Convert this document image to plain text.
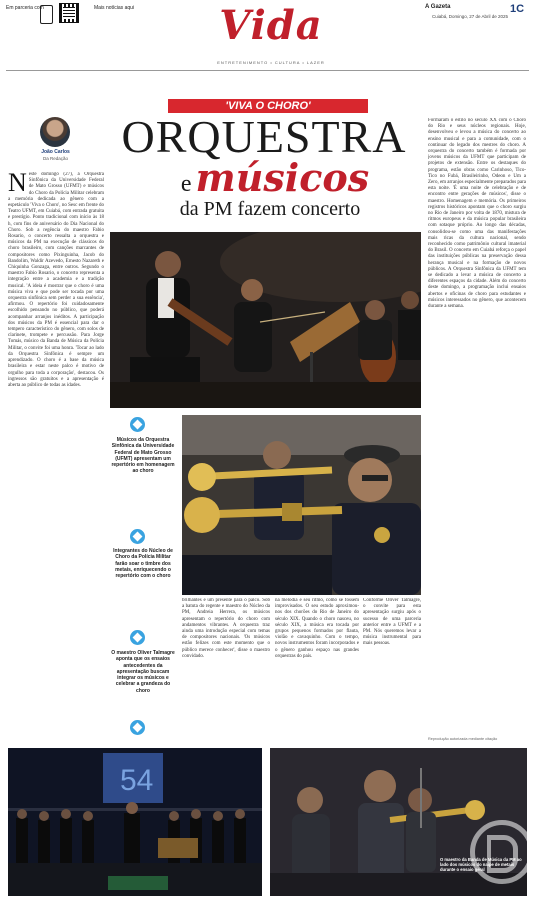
Em parceria com	Mais notícias aqui	Vida
ENTRETENIMENTO • CULTURA • LAZER
A Gazeta	1C
Cuiabá, Domingo, 27 de Abril de 2025
João Carlos
Da Redação
'VIVA O CHORO'
ORQUESTRA
e músicos
da PM fazem concerto
N este domingo (27), a Orquestra Sinfônica da Universidade Federal de Mato Grosso (UFMT) e músicos do Choro da Polícia Militar celebram a memória dedicada ao gênero com a espetáculo 'Viva o Choro', no Sesc em frente do Teatro UFMT, em Cuiabá, com entrada gratuita e prestígio. Ponto tradicional com início às 18 h, com fins de aniversário do Dia Nacional do Choro. Sob a regência do maestro Fabio Rosario, o concerto ressalta a orquestra e músicos da PM na execução de clássicos do choro brasileiro, com canções marcantes de compositores como Pixinguinha, Jacob do Bandolim, Waldir Azevedo, Ernesto Nazareth e Chiquinha Gonzaga, entre outros. Segundo o maestro Fabio Rosario, o concerto representa a integração entre a academia e a tradição musical. 'A ideia é mostrar que o choro é uma música viva e que pode ser tocada por uma orquestra sinfônica sem perder a sua essência', afirmou. O repertório foi cuidadosamente escolhido pensando no público, que poderá acompanhar arranjos inéditos. A participação dos músicos da PM é essencial para dar o tempero característico do gênero, com solos de clarinete, trompete e percussão. Para Jorge Tomás, músico da Banda de Música da Polícia Militar, o convite foi uma honra. 'Tocar ao lado da Orquestra Sinfônica é sempre um aprendizado. O choro é a base da música brasileira e estar neste palco é motivo de orgulho para toda a corporação', destacou. Os ingressos são gratuitos e a apresentação é aberta ao público de todas as idades.
Músicos da Orquestra Sinfônica da Universidade Federal de Mato Grosso (UFMT) apresentam um repertório em homenagem ao choro
Integrantes do Núcleo de Choro da Polícia Militar farão soar o timbre dos metais, enriquecendo o repertório com o choro
O maestro Oliver Talmagre aponta que os ensaios antecedentes da apresentação buscam integrar os músicos e celebrar a grandeza do choro
brilhantes e um presente para o palco. Sob a batuta do regente e maestro do Núcleo da PM, Andreia Herrera, os músicos apresentam o repertório do choro com andamentos vibrantes. A orquestra traz ainda uma introdução especial com temas de compositores nacionais. 'Os músicos estão felizes com este momento que o público merece conhecer', disse o maestro convidado.
na melodia e seu ritmo, como se fossem improvisados. O seu estudo aproximou-nos dos chorões do Rio de Janeiro do século XIX. Quando o choro nasceu, no século XIX, a música era tocada por grupos pequenos formados por flauta, violão e cavaquinho. Com o tempo, novos instrumentos foram incorporados e o gênero ganhou espaço nas grandes orquestras do país.
Conforme Oliver Talmagre, o convite para esta apresentação surgiu após o sucesso de uma parceria anterior entre a UFMT e a PM. Nós queremos levar a música instrumental para mais pessoas.
Formaram o estilo no século XX com o Choro do Rio e seus núcleos regionais. Hoje, desenvolveu e levou a música do concerto ao ensino musical e para a comunidade, com o continuar do legado dos mestres do choro. A orquestra do concerto também é formada por jovens músicos da UFMT que participam de projetos de extensão. Entre os destaques do programa, estão obras como Carinhoso, Tico-Tico no Fubá, Brasileirinho, Odeon e Um a Zero, em arranjos especialmente preparados para esta noite. 'É uma noite de celebração e de encontro entre gerações de músicos', disse o maestro. Homenagem e memória. Os primeiros registros históricos apontam que o choro surgiu no Rio de Janeiro por volta de 1870, mistura de ritmos europeus e da música popular brasileira com sotaque próprio. Ao longo das décadas, consolidou-se como uma das manifestações mais ricas da cultura nacional, sendo reconhecido como patrimônio cultural imaterial do Brasil. O concerto em Cuiabá reforça o papel das instituições públicas na preservação dessa herança musical e na formação de novos públicos. A Orquestra Sinfônica da UFMT tem se dedicado a levar a música de concerto a diferentes espaços da cidade. Além do concerto deste domingo, a programação inclui ensaios abertos e oficinas de choro para estudantes e músicos interessados no gênero, que acontecem durante a semana.
Reprodução autorizada mediante citação
54
O maestro da Banda de Música da PM ao lado dos músicos do naipe de metais durante o ensaio geral
